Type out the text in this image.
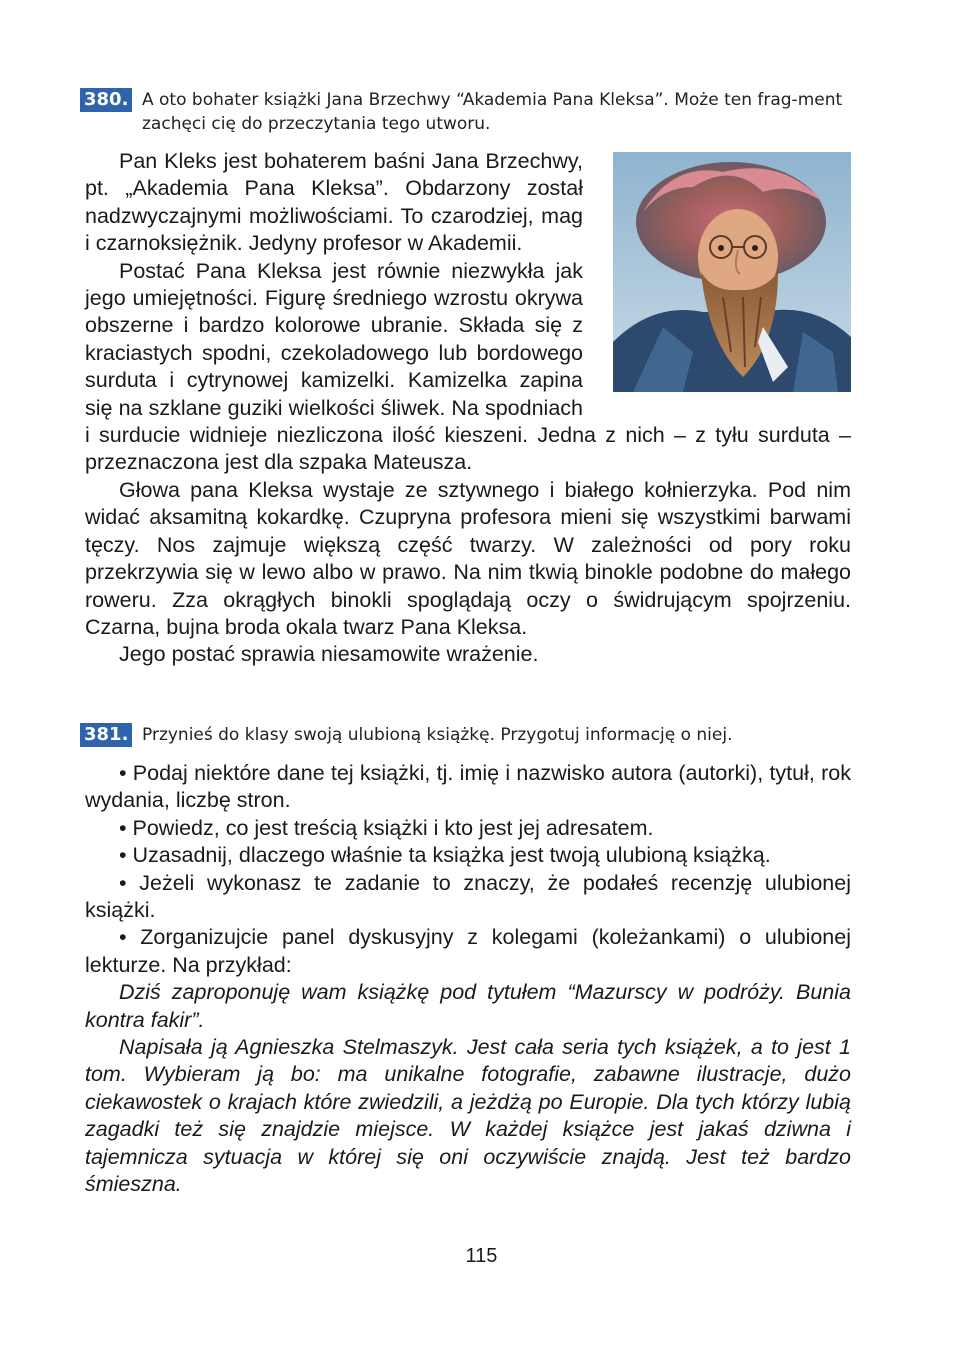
380. A oto bohater książki Jana Brzechwy “Akademia Pana Kleksa”. Może ten frag-ment zachęci cię do przeczytania tego utworu.

Pan Kleks jest bohaterem baśni Jana Brzechwy, pt. „Akademia Pana Kleksa”. Obdarzony został nadzwyczajnymi możliwościami. To czarodziej, mag i czarnoksiężnik. Jedyny profesor w Akademii.

Postać Pana Kleksa jest równie niezwykła jak jego umiejętności. Figurę średniego wzrostu okrywa obszerne i bardzo kolorowe ubranie. Składa się z kraciastych spodni, czekoladowego lub bordowego surduta i cytrynowej kamizelki. Kamizelka zapina się na szklane guziki wielkości śliwek. Na spodniach i surducie widnieje niezliczona ilość kieszeni. Jedna z nich – z tyłu surduta – przeznaczona jest dla szpaka Mateusza.

Głowa pana Kleksa wystaje ze sztywnego i białego kołnierzyka. Pod nim widać aksamitną kokardkę. Czupryna profesora mieni się wszystkimi barwami tęczy. Nos zajmuje większą część twarzy. W zależności od pory roku przekrzywia się w lewo albo w prawo. Na nim tkwią binokle podobne do małego roweru. Zza okrągłych binokli spoglądają oczy o świdrującym spojrzeniu. Czarna, bujna broda okala twarz Pana Kleksa.

Jego postać sprawia niesamowite wrażenie.

381. Przynieś do klasy swoją ulubioną książkę. Przygotuj informację o niej.

• Podaj niektóre dane tej książki, tj. imię i nazwisko autora (autorki), tytuł, rok wydania, liczbę stron.

• Powiedz, co jest treścią książki i kto jest jej adresatem.

• Uzasadnij, dlaczego właśnie ta książka jest twoją ulubioną książką.

• Jeżeli wykonasz te zadanie to znaczy, że podałeś recenzję ulubionej książki.

• Zorganizujcie panel dyskusyjny z kolegami (koleżankami) o ulubionej lekturze. Na przykład:

Dziś zaproponuję wam książkę pod tytułem “Mazurscy w podróży. Bunia kontra fakir”.

Napisała ją Agnieszka Stelmaszyk. Jest cała seria tych książek, a to jest 1 tom. Wybieram ją bo: ma unikalne fotografie, zabawne ilustracje, dużo ciekawostek o krajach które zwiedzili, a jeżdżą po Europie. Dla tych którzy lubią zagadki też się znajdzie miejsce. W każdej książce jest jakaś dziwna i tajemnicza sytuacja w której się oni oczywiście znajdą. Jest też bardzo śmieszna.

115
